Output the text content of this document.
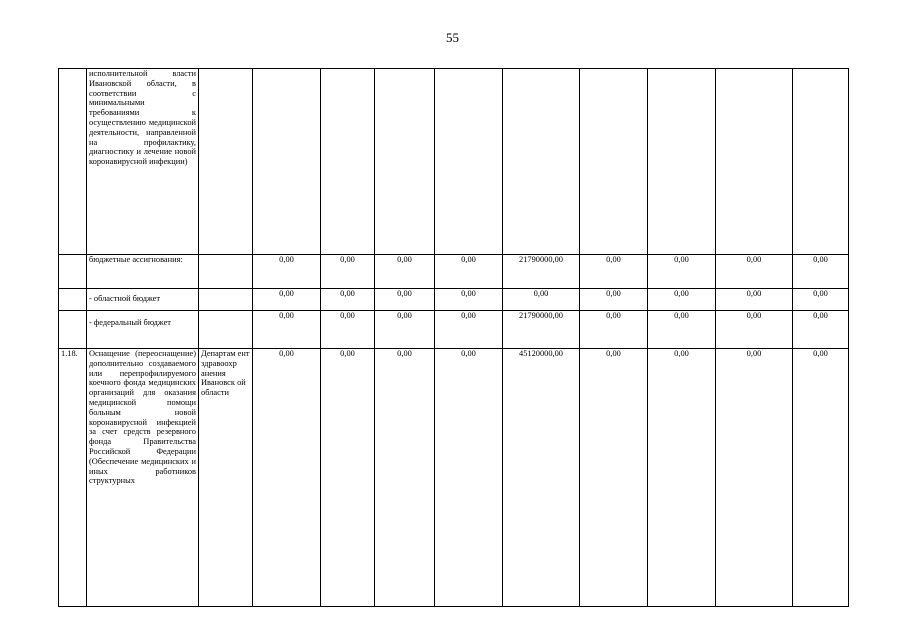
55

	исполнительной власти Ивановской области, в соответствии с минимальными требованиями к осуществлению медицинской деятельности, направленной на профилактику, диагностику и лечение новой коронавирусной инфекции)										

	бюджетные ассигнования:		0,00	0,00	0,00	0,00	21790000,00	0,00	0,00	0,00	0,00

	- областной бюджет		0,00	0,00	0,00	0,00	0,00	0,00	0,00	0,00	0,00

	- федеральный бюджет		0,00	0,00	0,00	0,00	21790000,00	0,00	0,00	0,00	0,00
1.18.	Оснащение (переоснащение) дополнительно создаваемого или перепрофилируемого коечного фонда медицинских организаций для оказания медицинской помощи больным новой коронавирусной инфекцией за счет средств резервного фонда Правительства Российской Федерации (Обеспечение медицинских и иных работников структурных	Департам ент здравоохр анения Ивановск ой области	0,00	0,00	0,00	0,00	45120000,00	0,00	0,00	0,00	0,00
